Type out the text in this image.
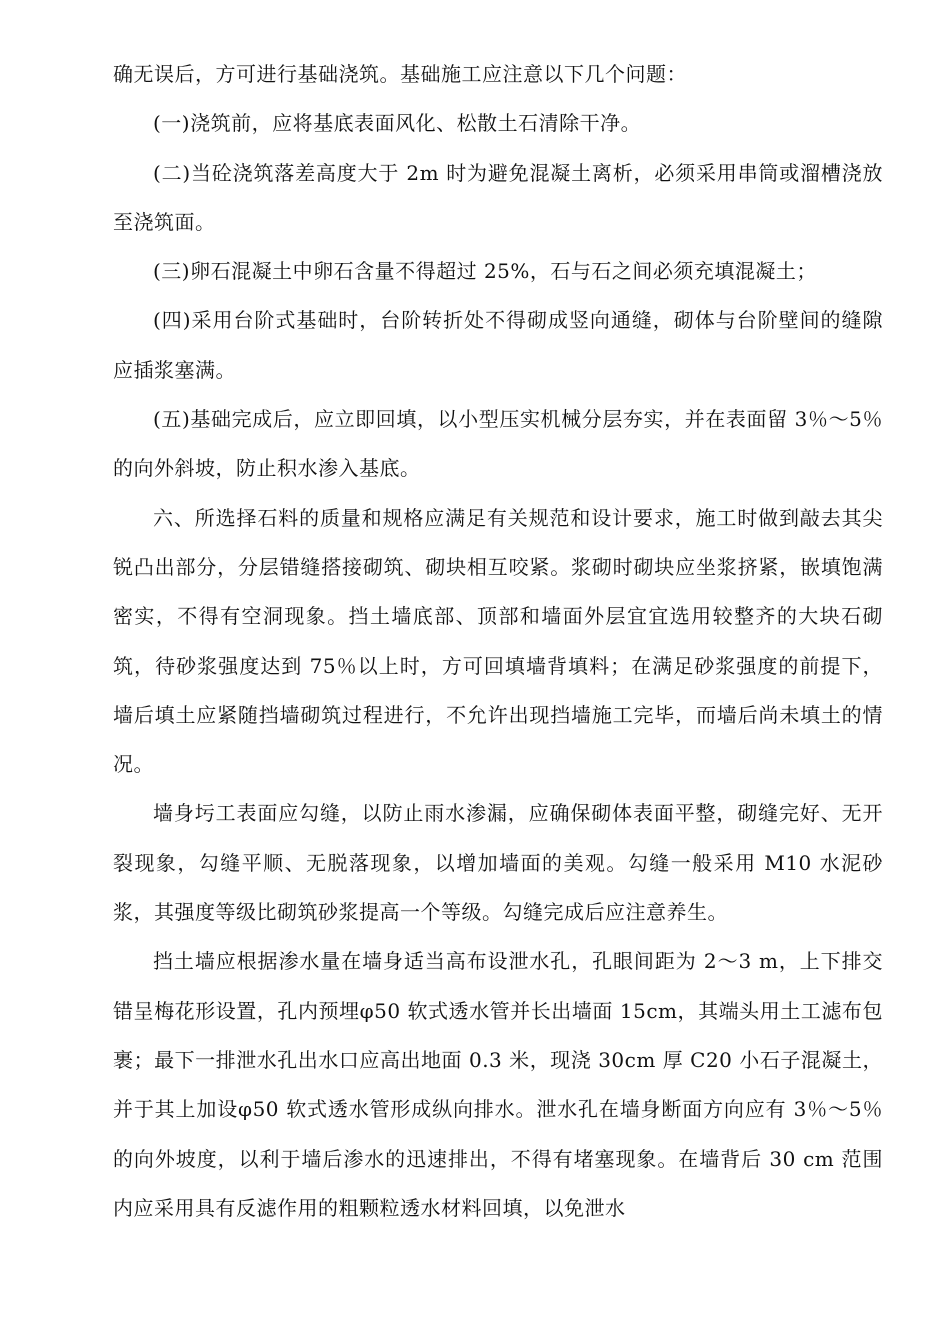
确无误后，方可进行基础浇筑。基础施工应注意以下几个问题：

(一)浇筑前，应将基底表面风化、松散土石清除干净。

(二)当砼浇筑落差高度大于 2m 时为避免混凝土离析，必须采用串筒或溜槽浇放至浇筑面。

(三)卵石混凝土中卵石含量不得超过 25%，石与石之间必须充填混凝土；

(四)采用台阶式基础时，台阶转折处不得砌成竖向通缝，砌体与台阶壁间的缝隙应插浆塞满。

(五)基础完成后，应立即回填，以小型压实机械分层夯实，并在表面留 3％～5％的向外斜坡，防止积水渗入基底。

六、所选择石料的质量和规格应满足有关规范和设计要求，施工时做到敲去其尖锐凸出部分，分层错缝搭接砌筑、砌块相互咬紧。浆砌时砌块应坐浆挤紧，嵌填饱满密实，不得有空洞现象。挡土墙底部、顶部和墙面外层宜宜选用较整齐的大块石砌筑，待砂浆强度达到 75％以上时，方可回填墙背填料；在满足砂浆强度的前提下，墙后填土应紧随挡墙砌筑过程进行，不允许出现挡墙施工完毕，而墙后尚未填土的情况。

墙身圬工表面应勾缝，以防止雨水渗漏，应确保砌体表面平整，砌缝完好、无开裂现象，勾缝平顺、无脱落现象，以增加墙面的美观。勾缝一般采用 M10 水泥砂浆，其强度等级比砌筑砂浆提高一个等级。勾缝完成后应注意养生。

挡土墙应根据渗水量在墙身适当高布设泄水孔，孔眼间距为 2～3 m，上下排交错呈梅花形设置，孔内预埋φ50 软式透水管并长出墙面 15cm，其端头用土工滤布包裹；最下一排泄水孔出水口应高出地面 0.3 米，现浇 30cm 厚 C20 小石子混凝土，并于其上加设φ50 软式透水管形成纵向排水。泄水孔在墙身断面方向应有 3％～5％的向外坡度，以利于墙后渗水的迅速排出，不得有堵塞现象。在墙背后 30 cm 范围内应采用具有反滤作用的粗颗粒透水材料回填，以免泄水
